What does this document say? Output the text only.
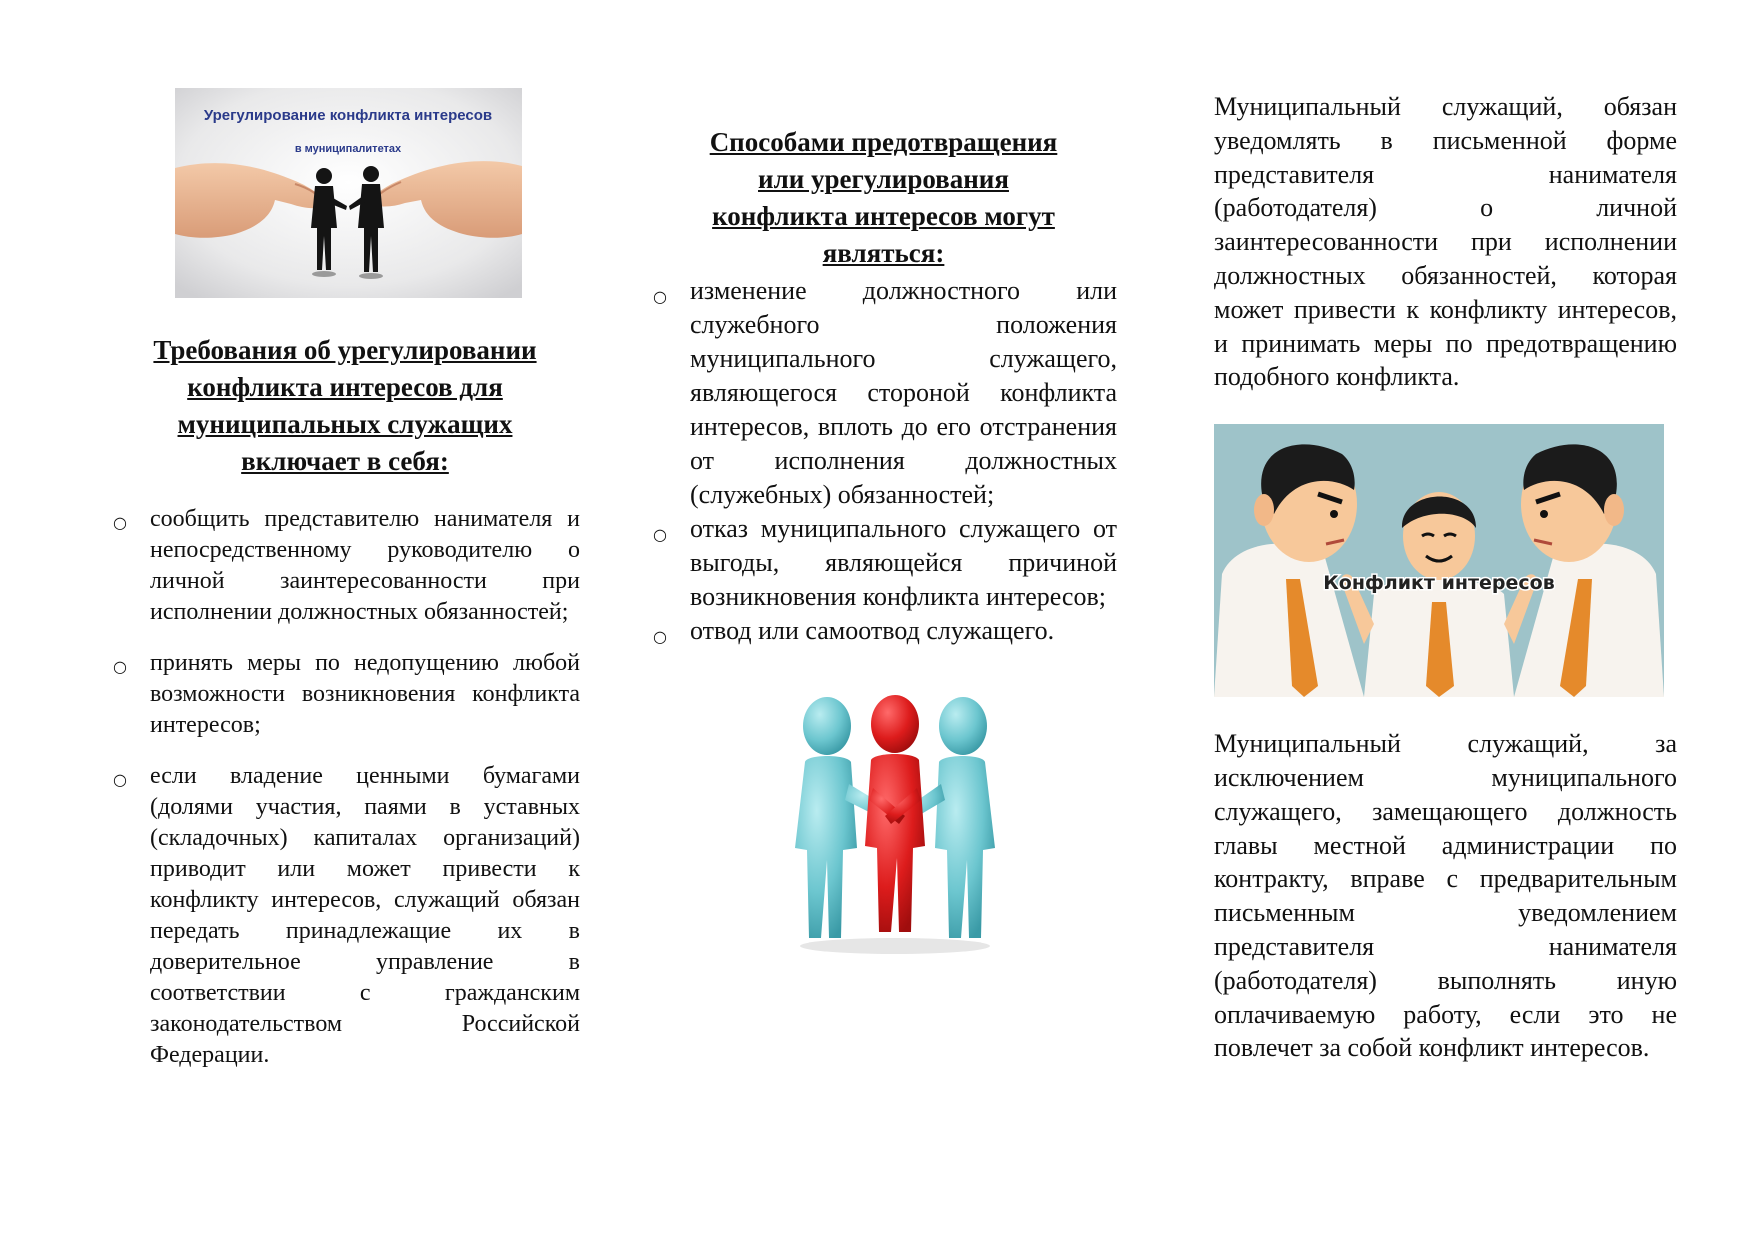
Урегулирование конфликта интересов
в муниципалитетах

Требования об урегулировании конфликта интересов для муниципальных служащих включает в себя:

○ сообщить представителю нанимателя и непосредственному руководителю о личной заинтересованности при исполнении должностных обязанностей;
○ принять меры по недопущению любой возможности возникновения конфликта интересов;
○ если владение ценными бумагами (долями участия, паями в уставных (складочных) капиталах организаций) приводит или может привести к конфликту интересов, служащий обязан передать принадлежащие их в доверительное управление в соответствии с гражданским законодательством Российской Федерации.

Способами предотвращения или урегулирования конфликта интересов могут являться:

○ изменение должностного или служебного положения муниципального служащего, являющегося стороной конфликта интересов, вплоть до его отстранения от исполнения должностных (служебных) обязанностей;
○ отказ муниципального служащего от выгоды, являющейся причиной возникновения конфликта интересов;
○ отвод или самоотвод служащего.

Муниципальный служащий, обязан уведомлять в письменной форме представителя нанимателя (работодателя) о личной заинтересованности при исполнении должностных обязанностей, которая может привести к конфликту интересов, и принимать меры по предотвращению подобного конфликта.

Конфликт интересов

Муниципальный служащий, за исключением муниципального служащего, замещающего должность главы местной администрации по контракту, вправе с предварительным письменным уведомлением представителя нанимателя (работодателя) выполнять иную оплачиваемую работу, если это не повлечет за собой конфликт интересов.
